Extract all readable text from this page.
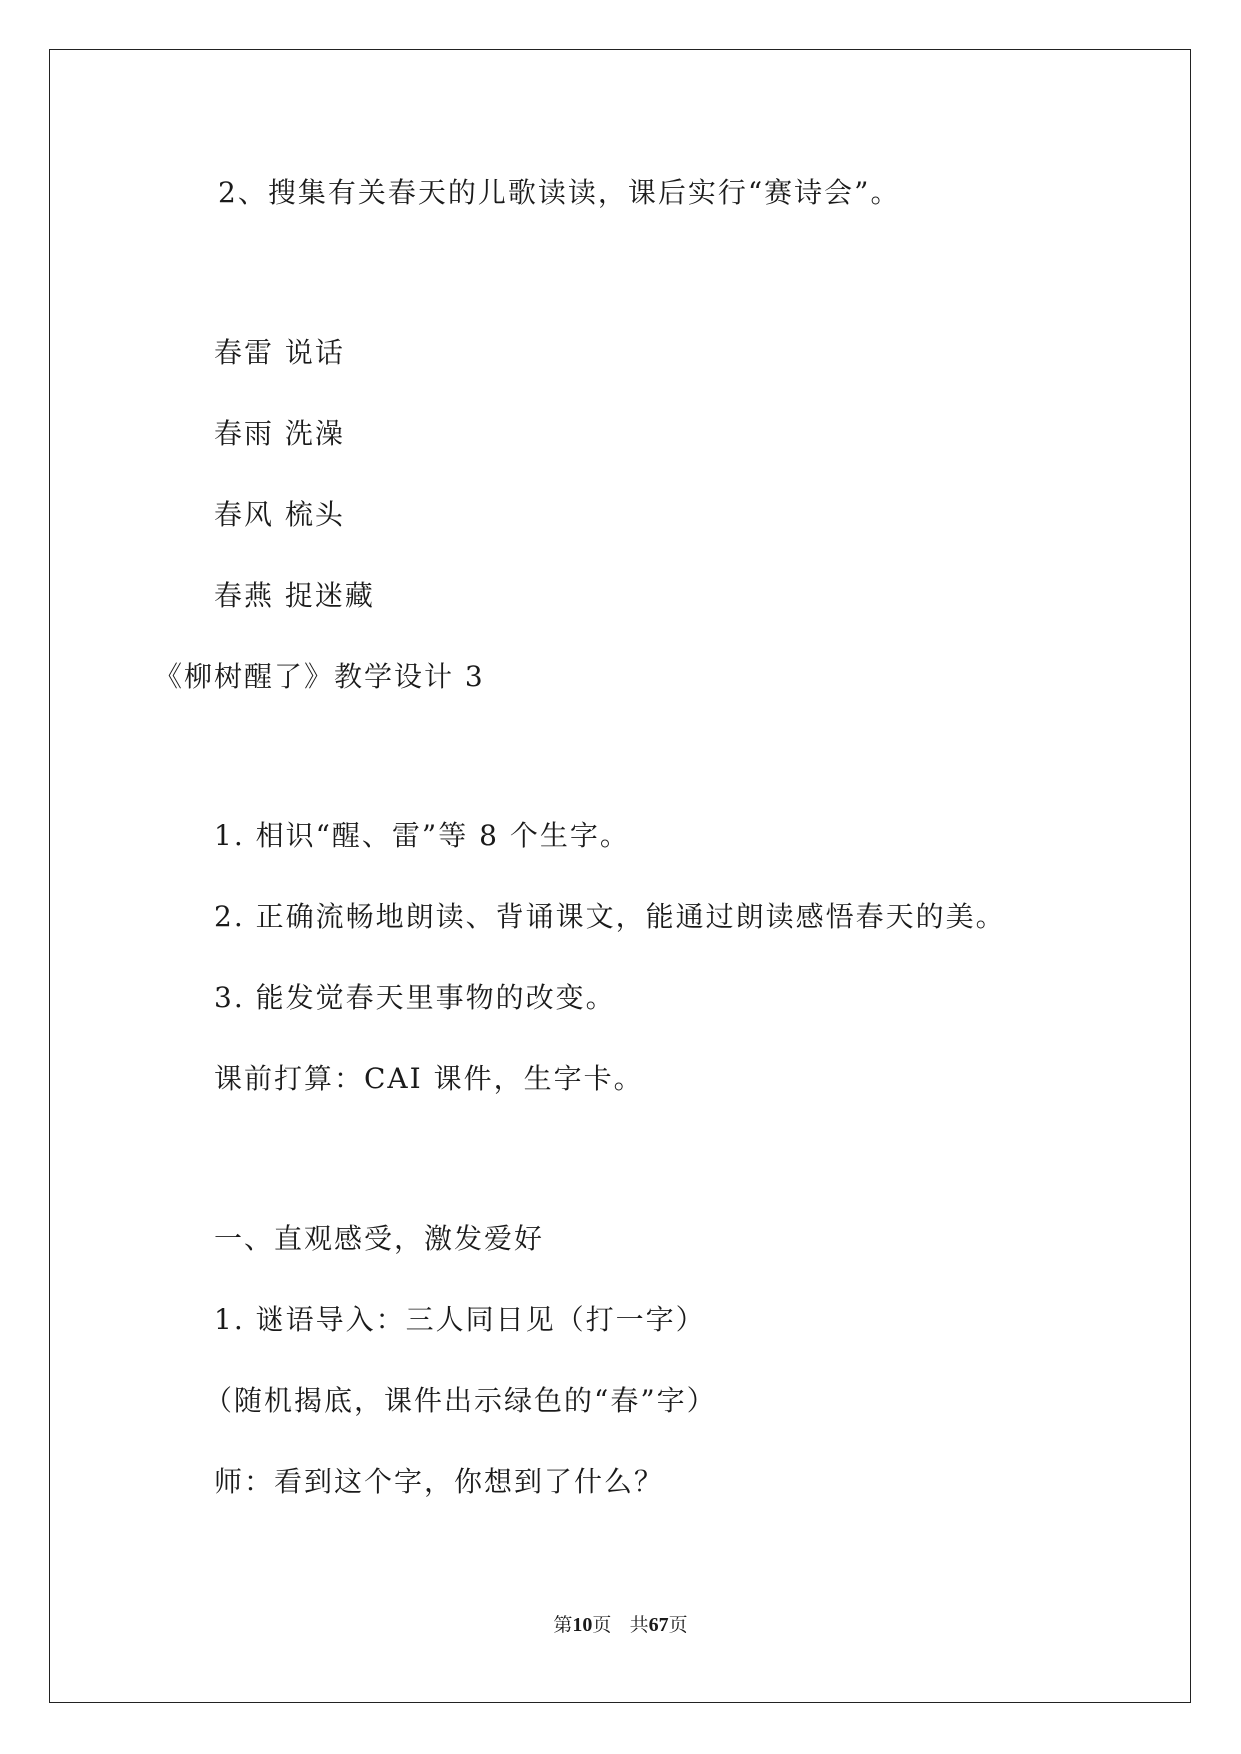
2、搜集有关春天的儿歌读读，课后实行“赛诗会”。
春雷 说话
春雨 洗澡
春风 梳头
春燕 捉迷藏
《柳树醒了》教学设计 3
1. 相识“醒、雷”等 8 个生字。
2. 正确流畅地朗读、背诵课文，能通过朗读感悟春天的美。
3. 能发觉春天里事物的改变。
课前打算：CAI 课件，生字卡。
一、直观感受，激发爱好
1. 谜语导入：三人同日见（打一字）
（随机揭底，课件出示绿色的“春”字）
师：看到这个字，你想到了什么？
第10页 共67页
